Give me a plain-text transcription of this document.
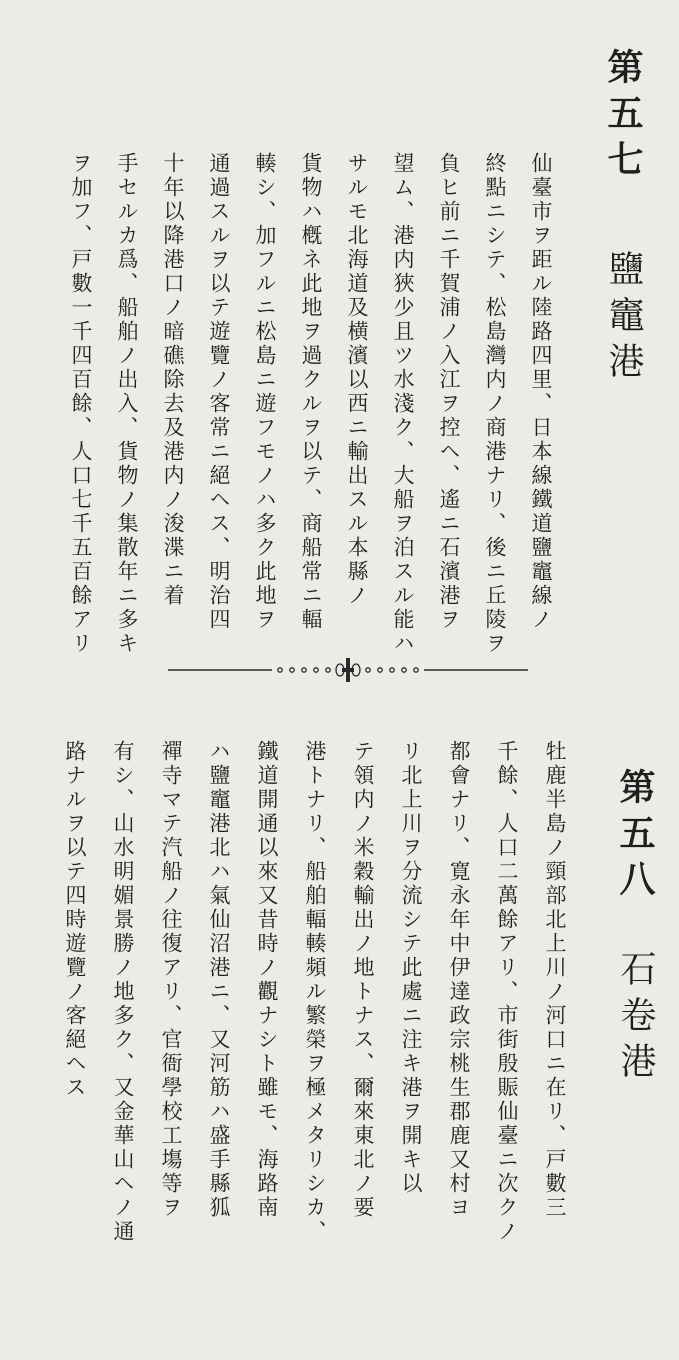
第五七
鹽竈港
仙臺市ヲ距ル陸路四里、日本線鐵道鹽竈線ノ
終點ニシテ、松島灣内ノ商港ナリ、後ニ丘陵ヲ
負ヒ前ニ千賀浦ノ入江ヲ控ヘ、遙ニ石濱港ヲ
望ム、港内狹少且ツ水淺ク、大船ヲ泊スル能ハ
サルモ北海道及横濱以西ニ輸出スル本縣ノ
貨物ハ槪ネ此地ヲ過クルヲ以テ、商船常ニ輻
輳シ、加フルニ松島ニ遊フモノハ多ク此地ヲ
通過スルヲ以テ遊覽ノ客常ニ絕ヘス、明治四
十年以降港口ノ暗礁除去及港内ノ浚渫ニ着
手セルカ爲、船舶ノ出入、貨物ノ集散年ニ多キ
ヲ加フ、戸數一千四百餘、人口七千五百餘アリ
第五八
石卷港
牡鹿半島ノ頸部北上川ノ河口ニ在リ、戸數三
千餘、人口二萬餘アリ、市街殷賑仙臺ニ次クノ
都會ナリ、寛永年中伊達政宗桃生郡鹿又村ヨ
リ北上川ヲ分流シテ此處ニ注キ港ヲ開キ以
テ領内ノ米穀輸出ノ地トナス、爾來東北ノ要
港トナリ、船舶輻輳頻ル繁榮ヲ極メタリシカ、
鐵道開通以來又昔時ノ觀ナシト雖モ、海路南
ハ鹽竈港北ハ氣仙沼港ニ、又河筋ハ盛手縣狐
禪寺マテ汽船ノ往復アリ、官衙學校工塲等ヲ
有シ、山水明媚景勝ノ地多ク、又金華山ヘノ通
路ナルヲ以テ四時遊覽ノ客絕ヘス
